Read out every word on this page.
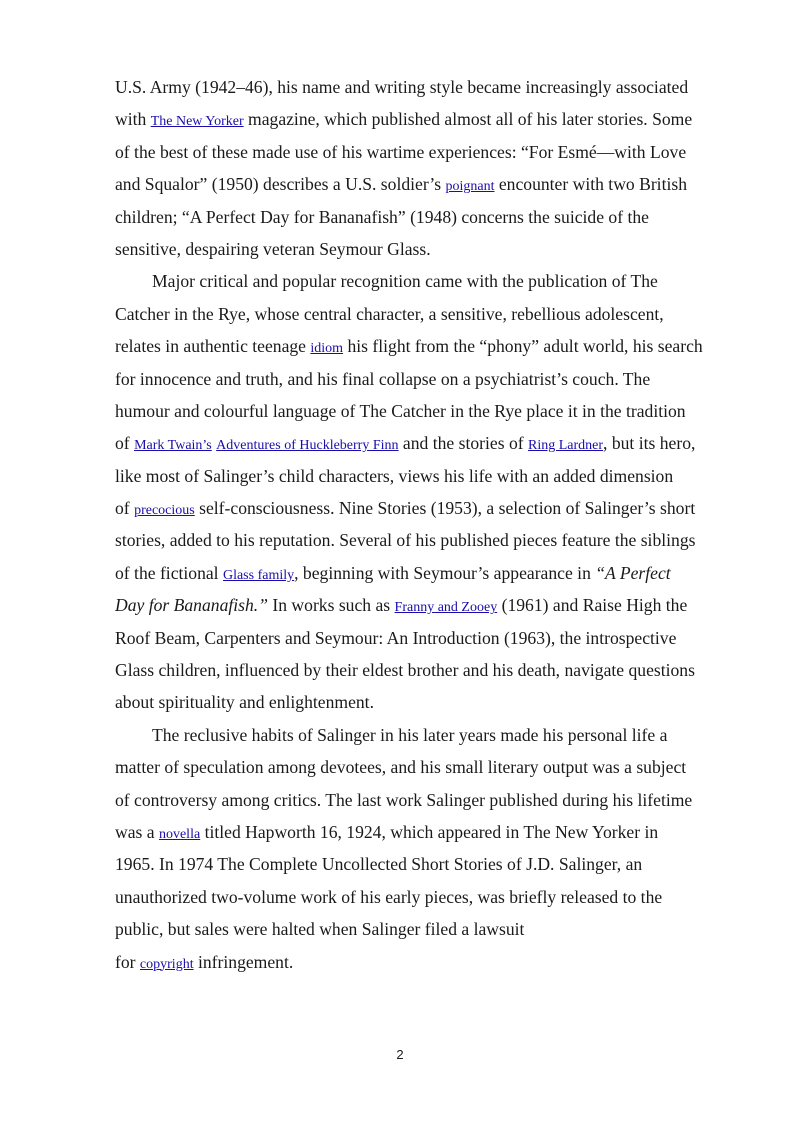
U.S. Army (1942–46), his name and writing style became increasingly associated
with The New Yorker magazine, which published almost all of his later stories. Some
of the best of these made use of his wartime experiences: “For Esmé—with Love
and Squalor” (1950) describes a U.S. soldier’s poignant encounter with two British
children; “A Perfect Day for Bananafish” (1948) concerns the suicide of the
sensitive, despairing veteran Seymour Glass.
Major critical and popular recognition came with the publication of The
Catcher in the Rye, whose central character, a sensitive, rebellious adolescent,
relates in authentic teenage idiom his flight from the “phony” adult world, his search
for innocence and truth, and his final collapse on a psychiatrist’s couch. The
humour and colourful language of The Catcher in the Rye place it in the tradition
of Mark Twain’s Adventures of Huckleberry Finn and the stories of Ring Lardner, but its hero,
like most of Salinger’s child characters, views his life with an added dimension
of precocious self-consciousness. Nine Stories (1953), a selection of Salinger’s short
stories, added to his reputation. Several of his published pieces feature the siblings
of the fictional Glass family, beginning with Seymour’s appearance in “A Perfect
Day for Bananafish.” In works such as Franny and Zooey (1961) and Raise High the
Roof Beam, Carpenters and Seymour: An Introduction (1963), the introspective
Glass children, influenced by their eldest brother and his death, navigate questions
about spirituality and enlightenment.
The reclusive habits of Salinger in his later years made his personal life a
matter of speculation among devotees, and his small literary output was a subject
of controversy among critics. The last work Salinger published during his lifetime
was a novella titled Hapworth 16, 1924, which appeared in The New Yorker in
1965. In 1974 The Complete Uncollected Short Stories of J.D. Salinger, an
unauthorized two-volume work of his early pieces, was briefly released to the
public, but sales were halted when Salinger filed a lawsuit
for copyright infringement.
2
